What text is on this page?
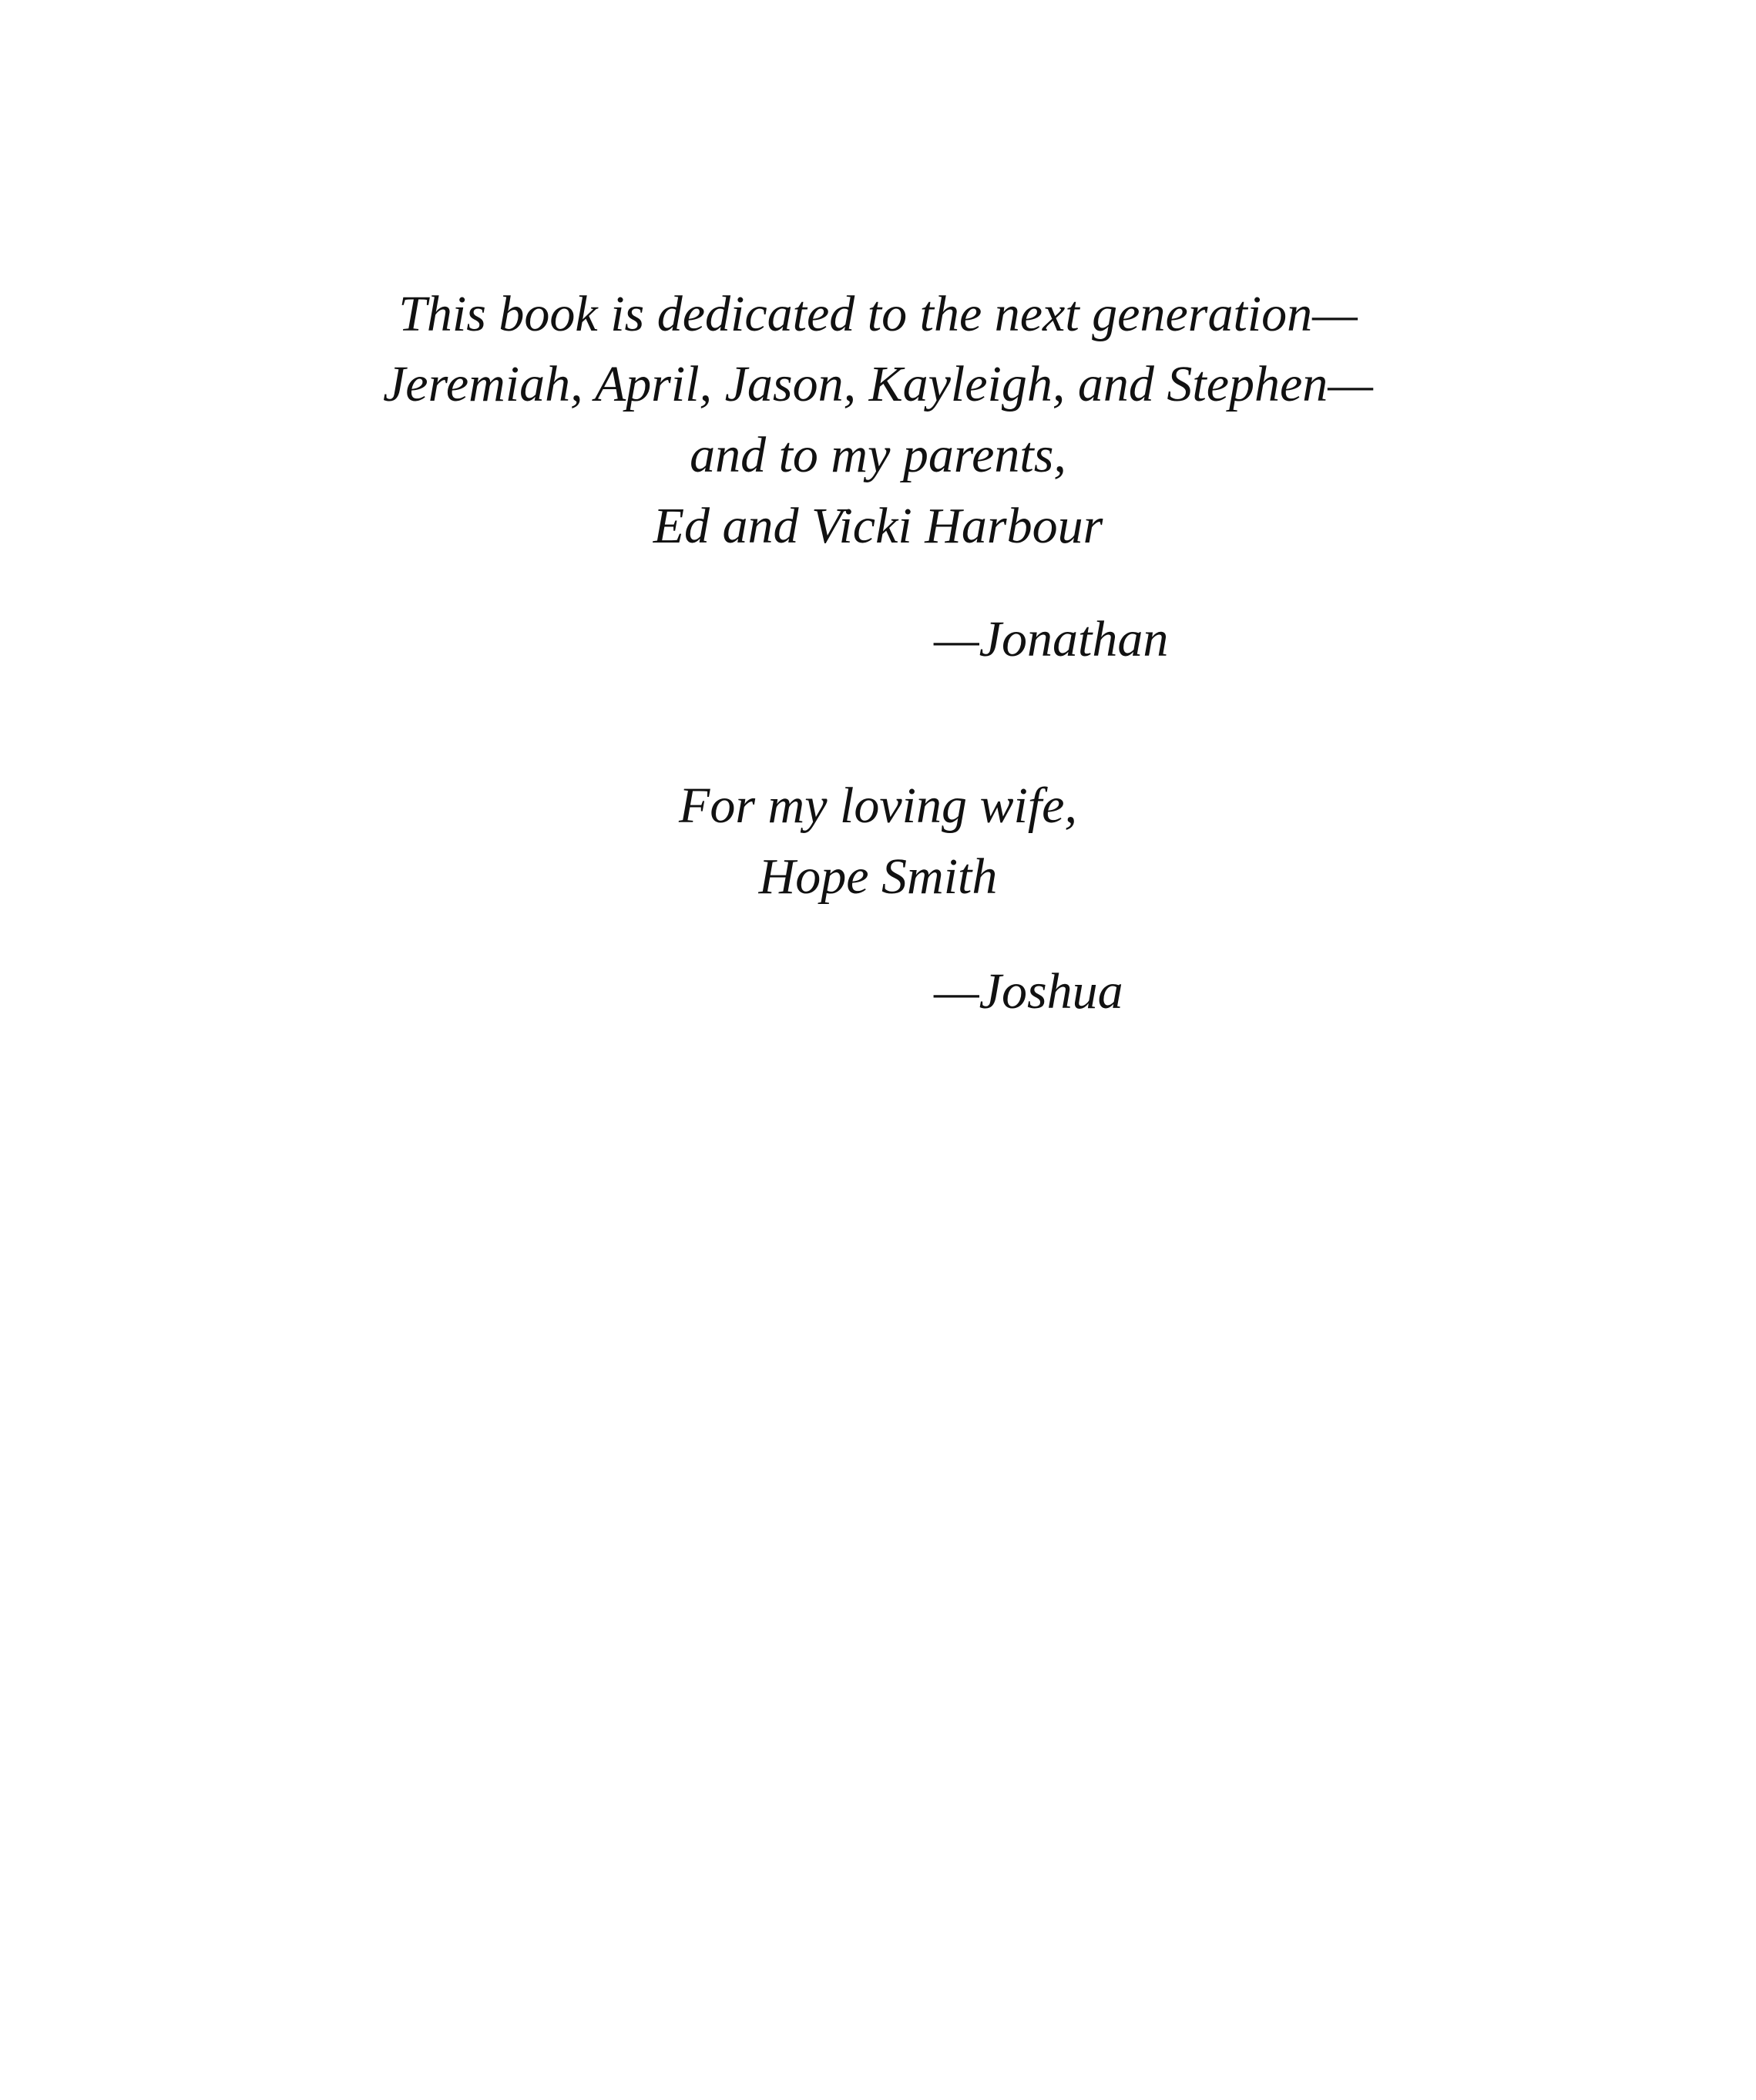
This book is dedicated to the next generation—

Jeremiah, April, Jason, Kayleigh, and Stephen—

and to my parents,

Ed and Vicki Harbour

—Jonathan

For my loving wife,

Hope Smith

—Joshua
